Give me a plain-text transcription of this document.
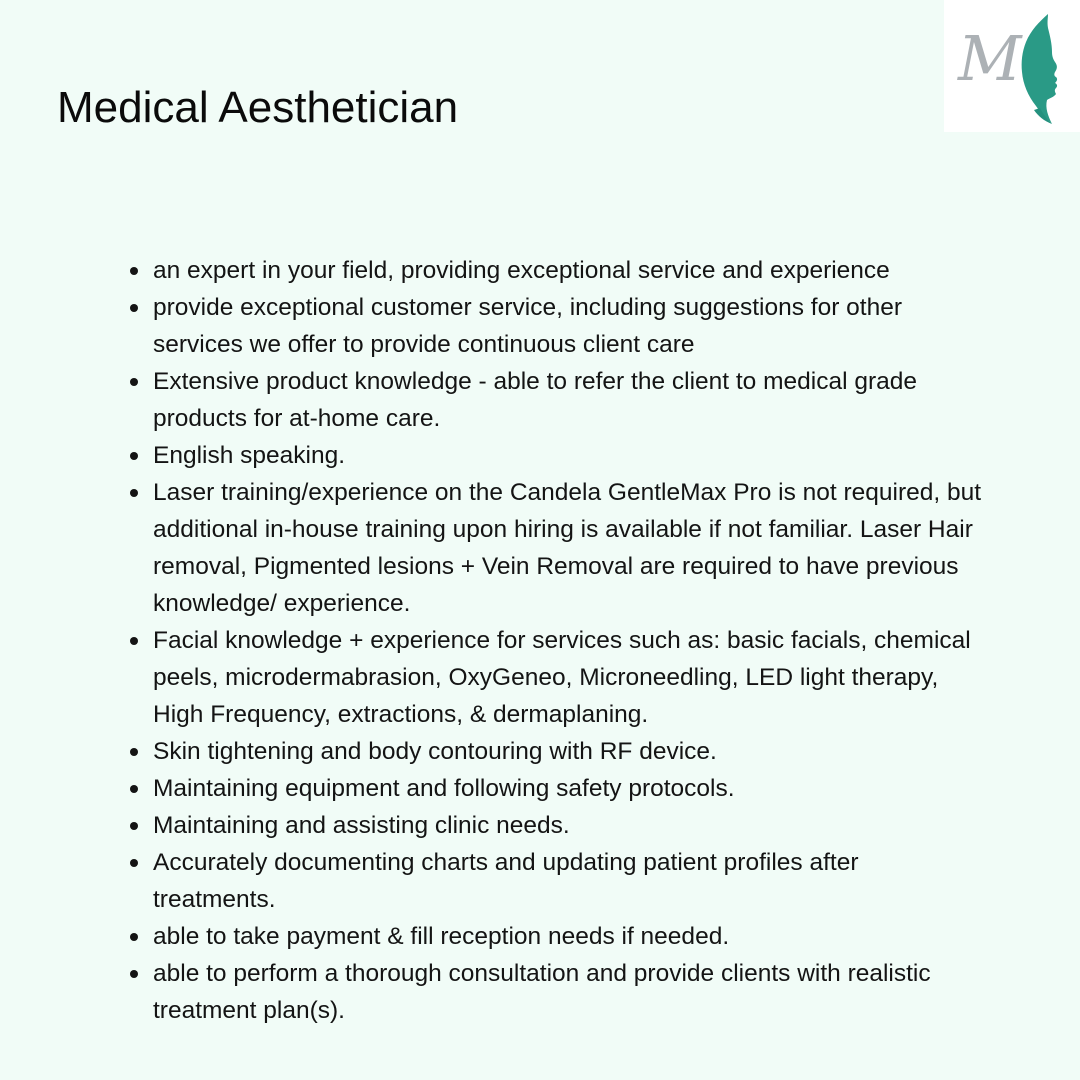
Medical Aesthetician
M
an expert in your field, providing exceptional service and experience
provide exceptional customer service, including suggestions for other services we offer to provide continuous client care
Extensive product knowledge - able to refer the client to medical grade products for at-home care.
English speaking.
Laser training/experience on the Candela GentleMax Pro is not required, but additional in-house training upon hiring is available if not familiar. Laser Hair removal, Pigmented lesions + Vein Removal are required to have previous knowledge/ experience.
Facial knowledge + experience for services such as: basic facials, chemical peels, microdermabrasion, OxyGeneo, Microneedling, LED light therapy, High Frequency, extractions, & dermaplaning.
Skin tightening and body contouring with RF device.
Maintaining equipment and following safety protocols.
Maintaining and assisting clinic needs.
Accurately documenting charts and updating patient profiles after treatments.
able to take payment & fill reception needs if needed.
able to perform a thorough consultation and provide clients with realistic treatment plan(s).
